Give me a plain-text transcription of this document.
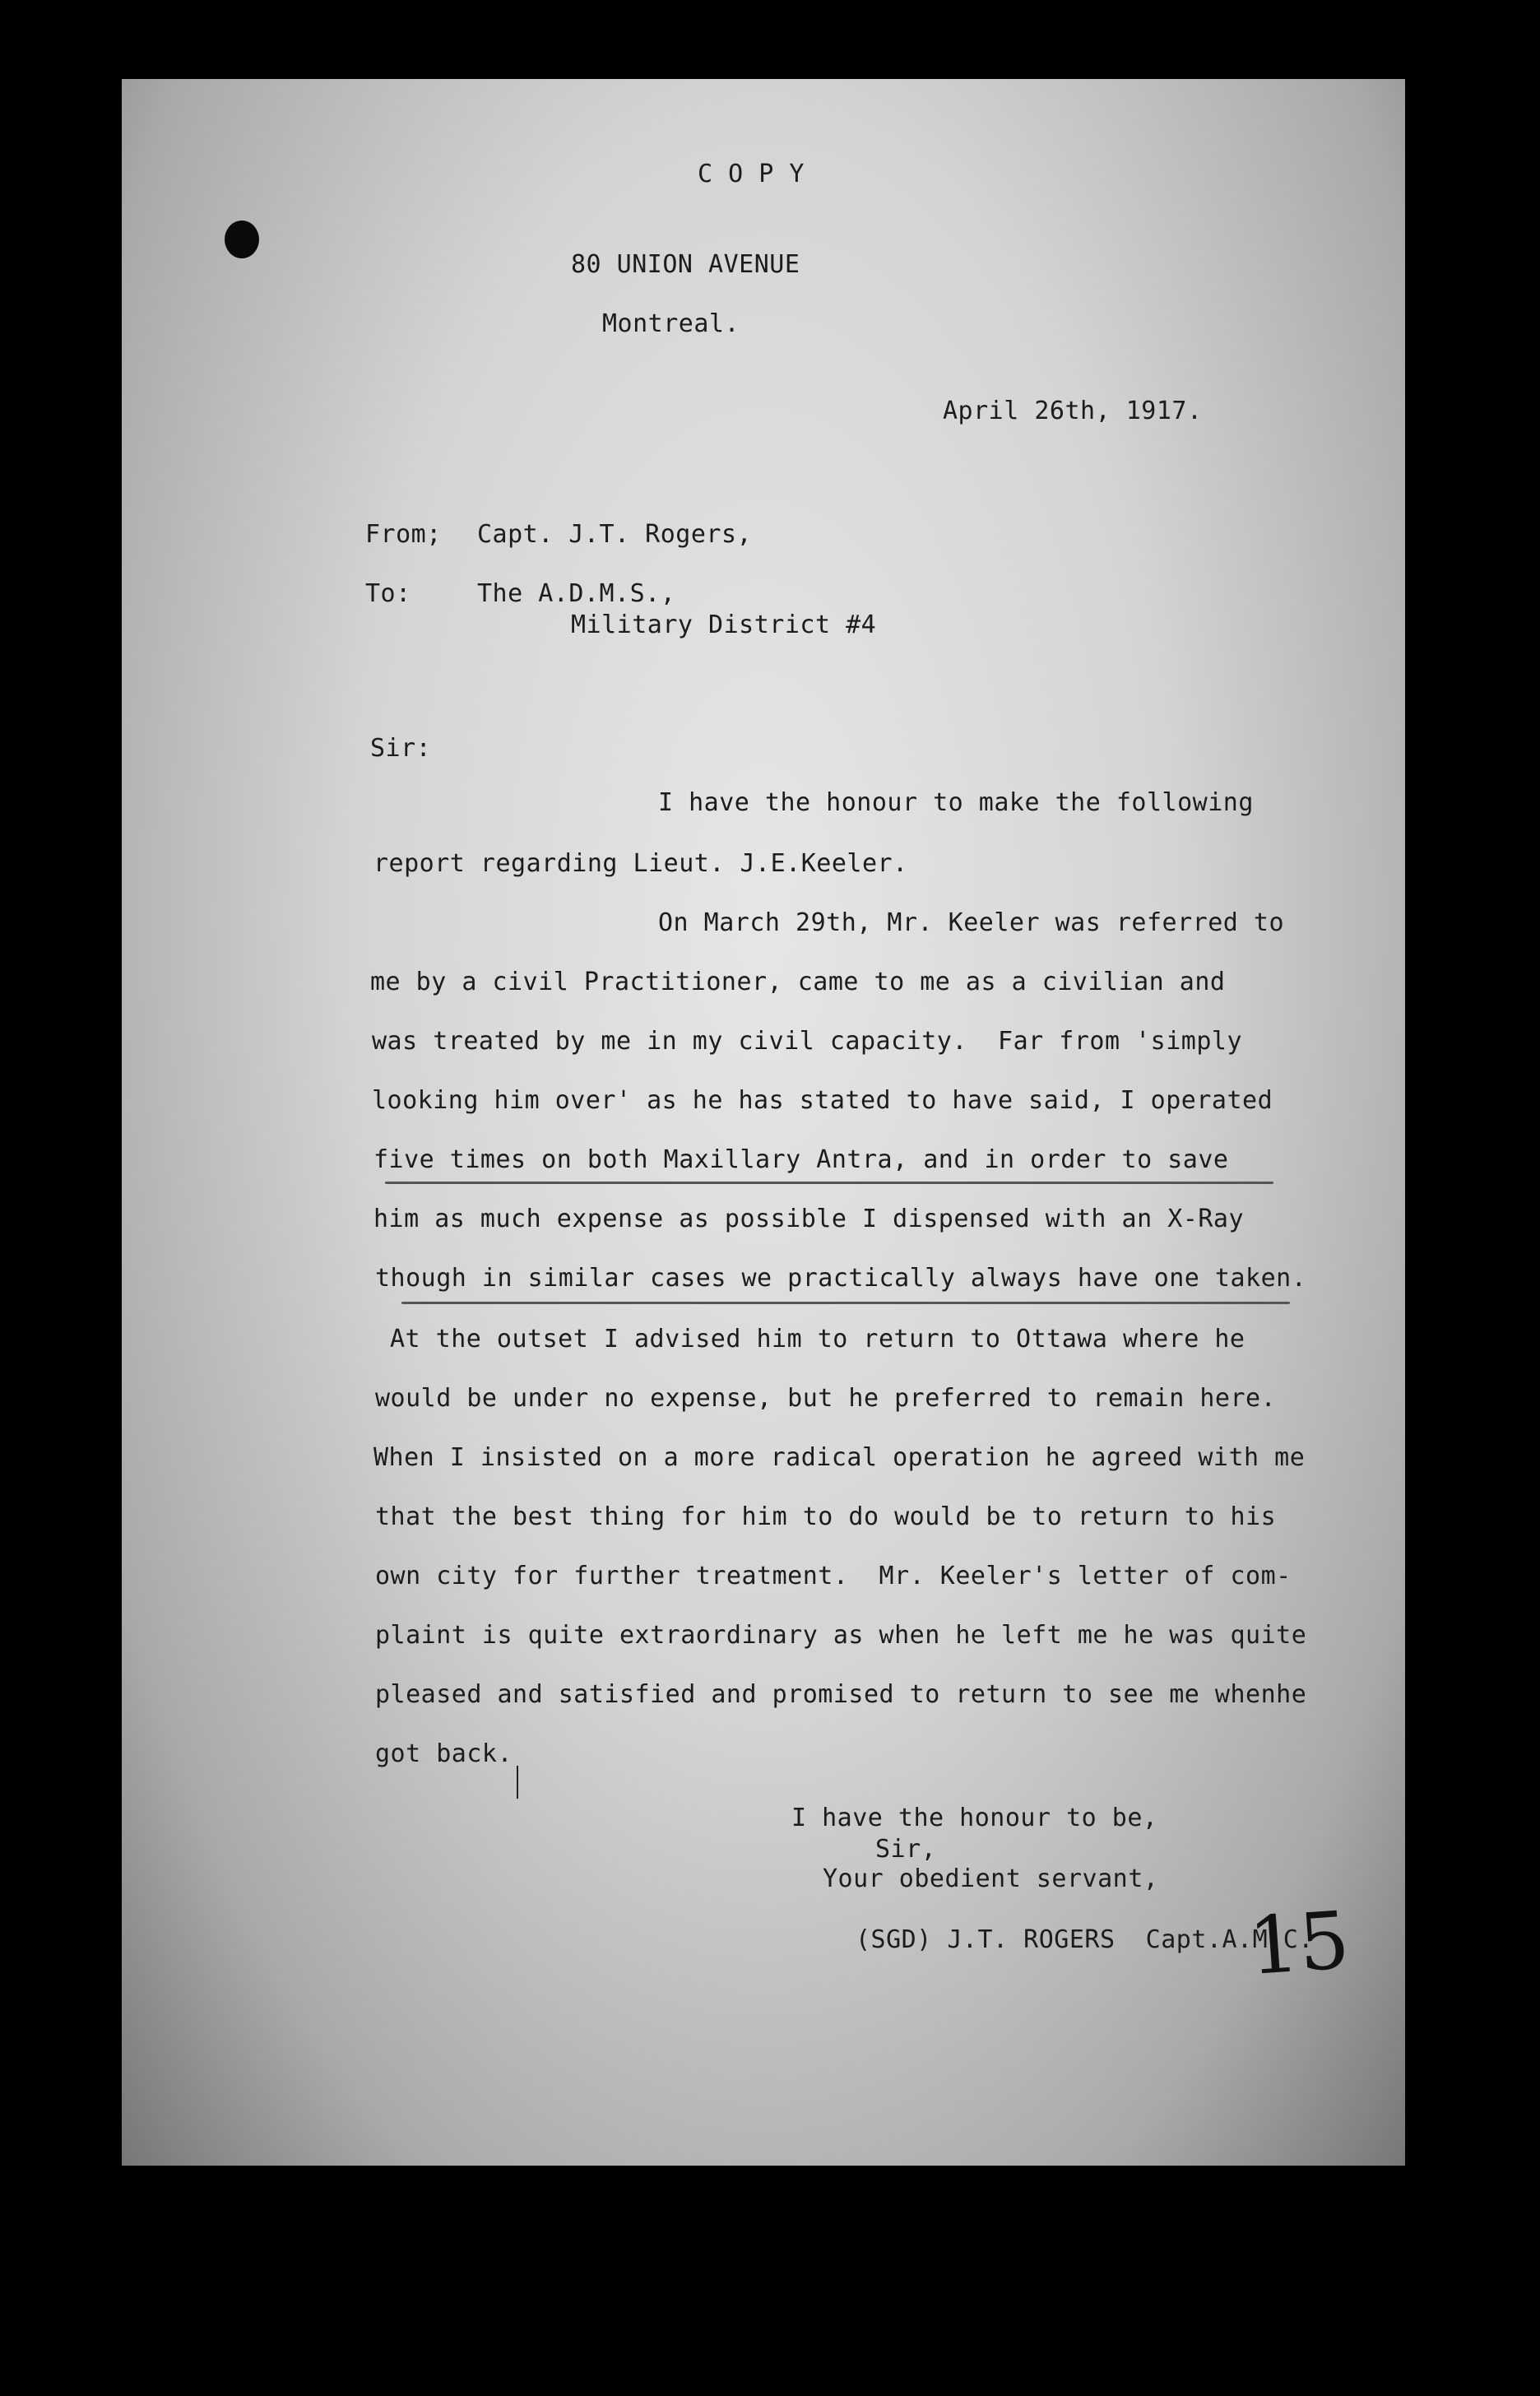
C O P Y
80 UNION AVENUE
Montreal.
April 26th, 1917.
From; Capt. J.T. Rogers,
To:	The A.D.M.S.,
Military District #4
Sir:
I have the honour to make the following
report regarding Lieut. J.E.Keeler.
On March 29th, Mr. Keeler was referred to
me by a civil Practitioner, came to me as a civilian and
was treated by me in my civil capacity.  Far from 'simply
looking him over' as he has stated to have said, I operated
five times on both Maxillary Antra, and in order to save
him as much expense as possible I dispensed with an X-Ray
though in similar cases we practically always have one taken.
At the outset I advised him to return to Ottawa where he
would be under no expense, but he preferred to remain here.
When I insisted on a more radical operation he agreed with me
that the best thing for him to do would be to return to his
own city for further treatment.  Mr. Keeler's letter of com-
plaint is quite extraordinary as when he left me he was quite
pleased and satisfied and promised to return to see me whenhe
got back.
I have the honour to be,
Sir,
Your obedient servant,
(SGD) J.T. ROGERS  Capt.A.M.C.
15
